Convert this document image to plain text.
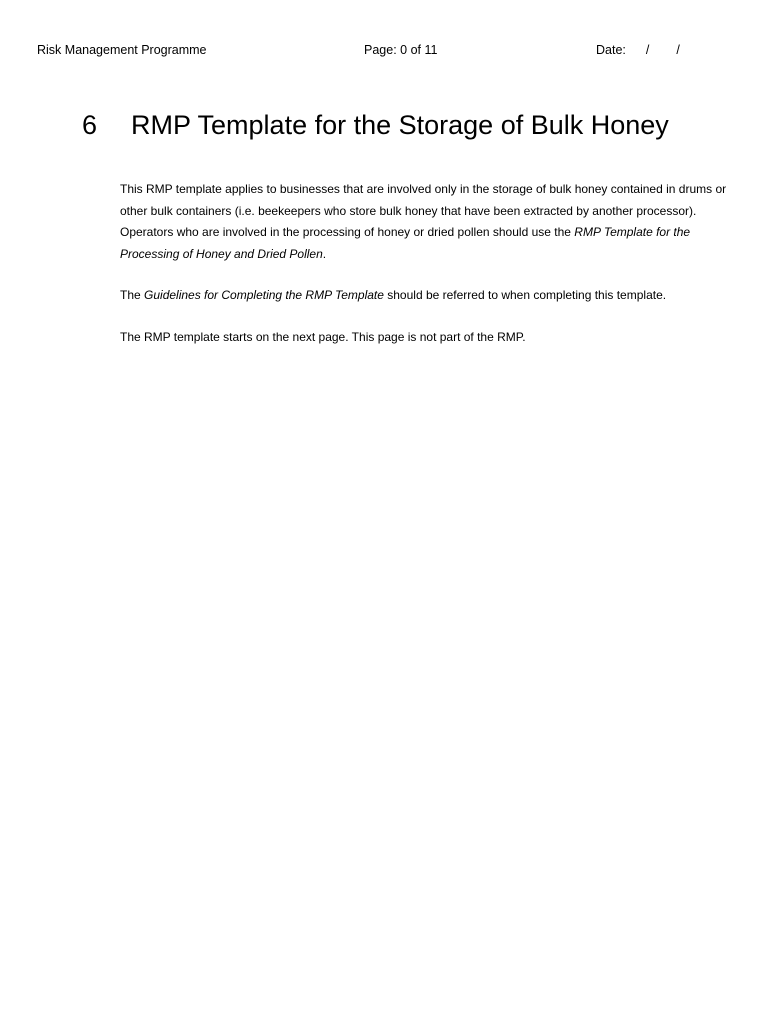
Risk Management Programme	Page: 0 of 11	Date: / /
6 RMP Template for the Storage of Bulk Honey

This RMP template applies to businesses that are involved only in the storage of bulk honey contained in drums or other bulk containers (i.e. beekeepers who store bulk honey that have been extracted by another processor). Operators who are involved in the processing of honey or dried pollen should use the RMP Template for the Processing of Honey and Dried Pollen.

The Guidelines for Completing the RMP Template should be referred to when completing this template.

The RMP template starts on the next page. This page is not part of the RMP.
